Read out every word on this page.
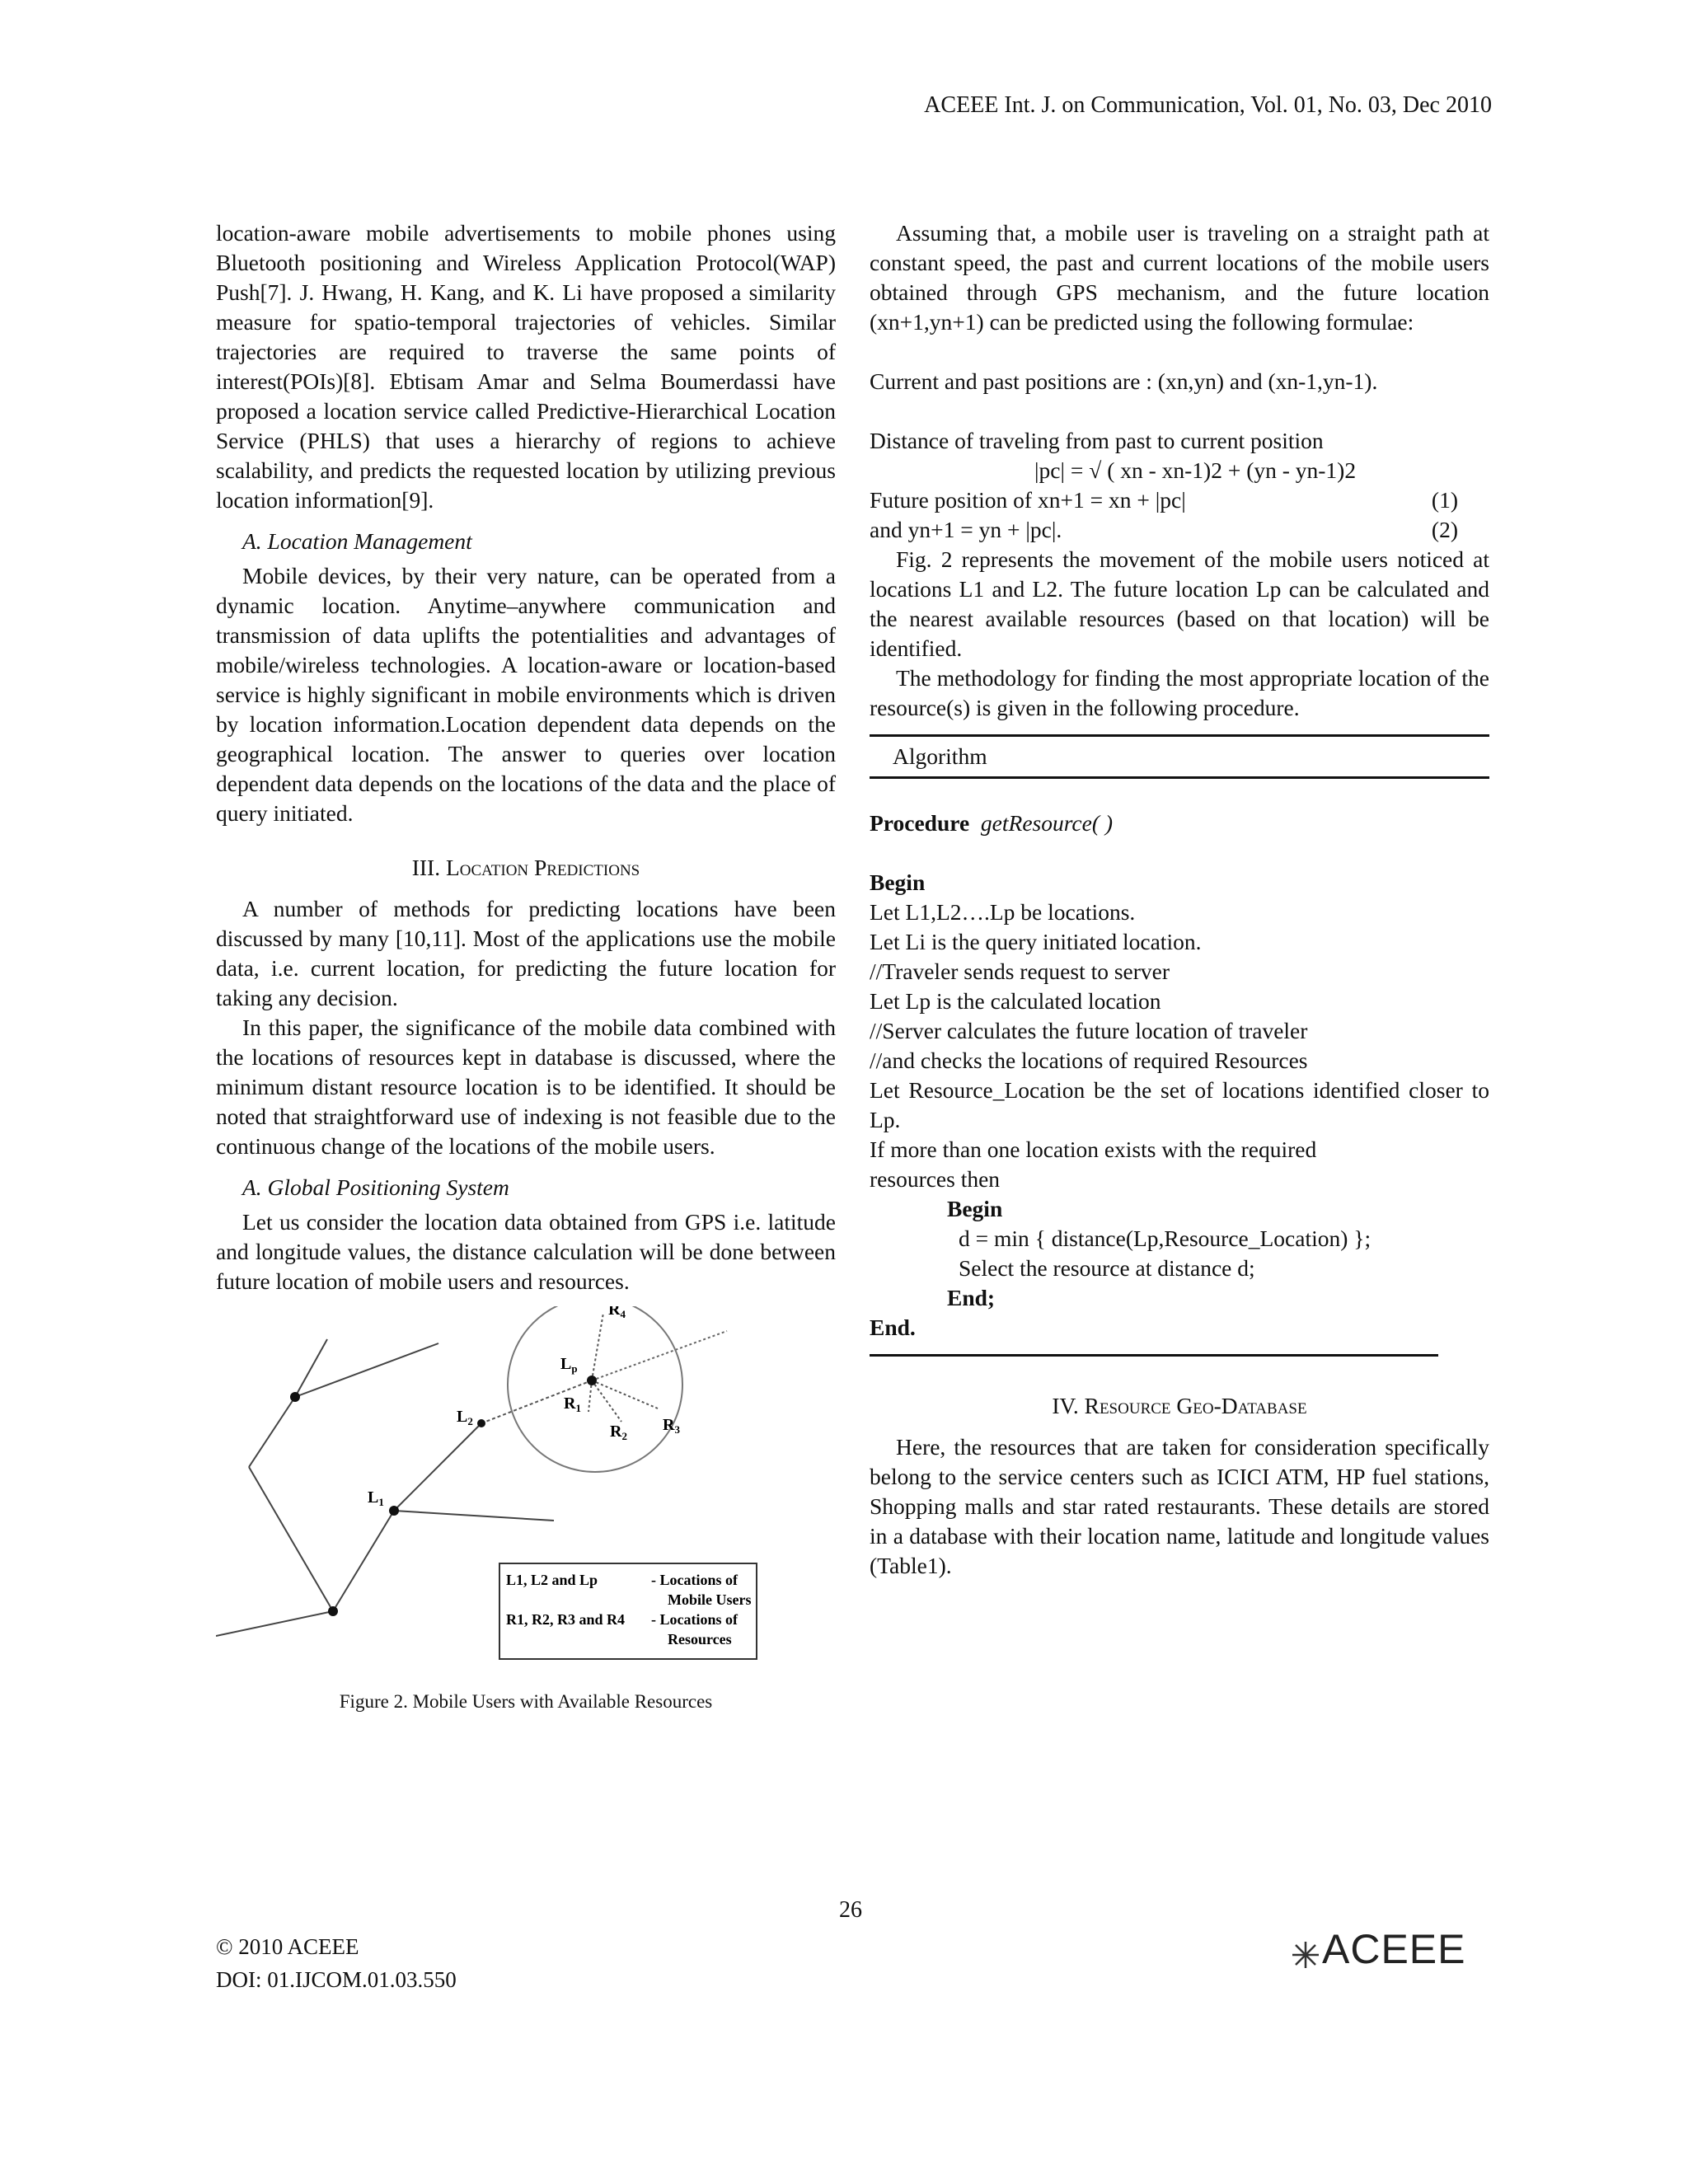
ACEEE Int. J. on Communication, Vol. 01, No. 03, Dec 2010

location-aware mobile advertisements to mobile phones using Bluetooth positioning and Wireless Application Protocol(WAP) Push[7]. J. Hwang, H. Kang, and K. Li have proposed a similarity measure for spatio-temporal trajectories of vehicles. Similar trajectories are required to traverse the same points of interest(POIs)[8]. Ebtisam Amar and Selma Boumerdassi have proposed a location service called Predictive-Hierarchical Location Service (PHLS) that uses a hierarchy of regions to achieve scalability, and predicts the requested location by utilizing previous location information[9].

A. Location Management

Mobile devices, by their very nature, can be operated from a dynamic location. Anytime–anywhere communication and transmission of data uplifts the potentialities and advantages of mobile/wireless technologies. A location-aware or location-based service is highly significant in mobile environments which is driven by location information.Location dependent data depends on the geographical location. The answer to queries over location dependent data depends on the locations of the data and the place of query initiated.

III. Location Predictions

A number of methods for predicting locations have been discussed by many [10,11]. Most of the applications use the mobile data, i.e. current location, for predicting the future location for taking any decision.

In this paper, the significance of the mobile data combined with the locations of resources kept in database is discussed, where the minimum distant resource location is to be identified. It should be noted that straightforward use of indexing is not feasible due to the continuous change of the locations of the mobile users.

A. Global Positioning System

Let us consider the location data obtained from GPS i.e. latitude and longitude values, the distance calculation will be done between future location of mobile users and resources.

$R_4$
$L_p$
$R_1$
$R_2$
$R_3$
$L_2$
$L_1$
L1, L2 and Lp	- Locations of
Mobile Users
R1, R2, R3 and R4 - Locations of
Resources
Figure 2. Mobile Users with Available Resources

Assuming that, a mobile user is traveling on a straight path at constant speed, the past and current locations of the mobile users obtained through GPS mechanism, and the future location (xn+1,yn+1) can be predicted using the following formulae:

Current and past positions are : (xn,yn) and (xn-1,yn-1).
Distance of traveling from past to current position
|pc| = √ ( xn - xn-1)2 + (yn - yn-1)2
Future position of xn+1 = xn + |pc|	(1)
and yn+1 = yn + |pc|.	(2)

Fig. 2 represents the movement of the mobile users noticed at locations L1 and L2. The future location Lp can be calculated and the nearest available resources (based on that location) will be identified.

The methodology for finding the most appropriate location of the resource(s) is given in the following procedure.

Algorithm
Procedure getResource( )
Begin
Let L1,L2….Lp be locations.
Let Li is the query initiated location.
//Traveler sends request to server
Let Lp is the calculated location
//Server calculates the future location of traveler
//and checks the locations of required Resources
Let Resource_Location be the set of locations identified closer to Lp.
If more than one location exists with the required
resources then
Begin
d = min { distance(Lp,Resource_Location) };
Select the resource at distance d;
End;
End.
IV. Resource Geo-Database

Here, the resources that are taken for consideration specifically belong to the service centers such as ICICI ATM, HP fuel stations, Shopping malls and star rated restaurants. These details are stored in a database with their location name, latitude and longitude values (Table1).

26
© 2010 ACEEE
DOI: 01.IJCOM.01.03.550
ACEEE
